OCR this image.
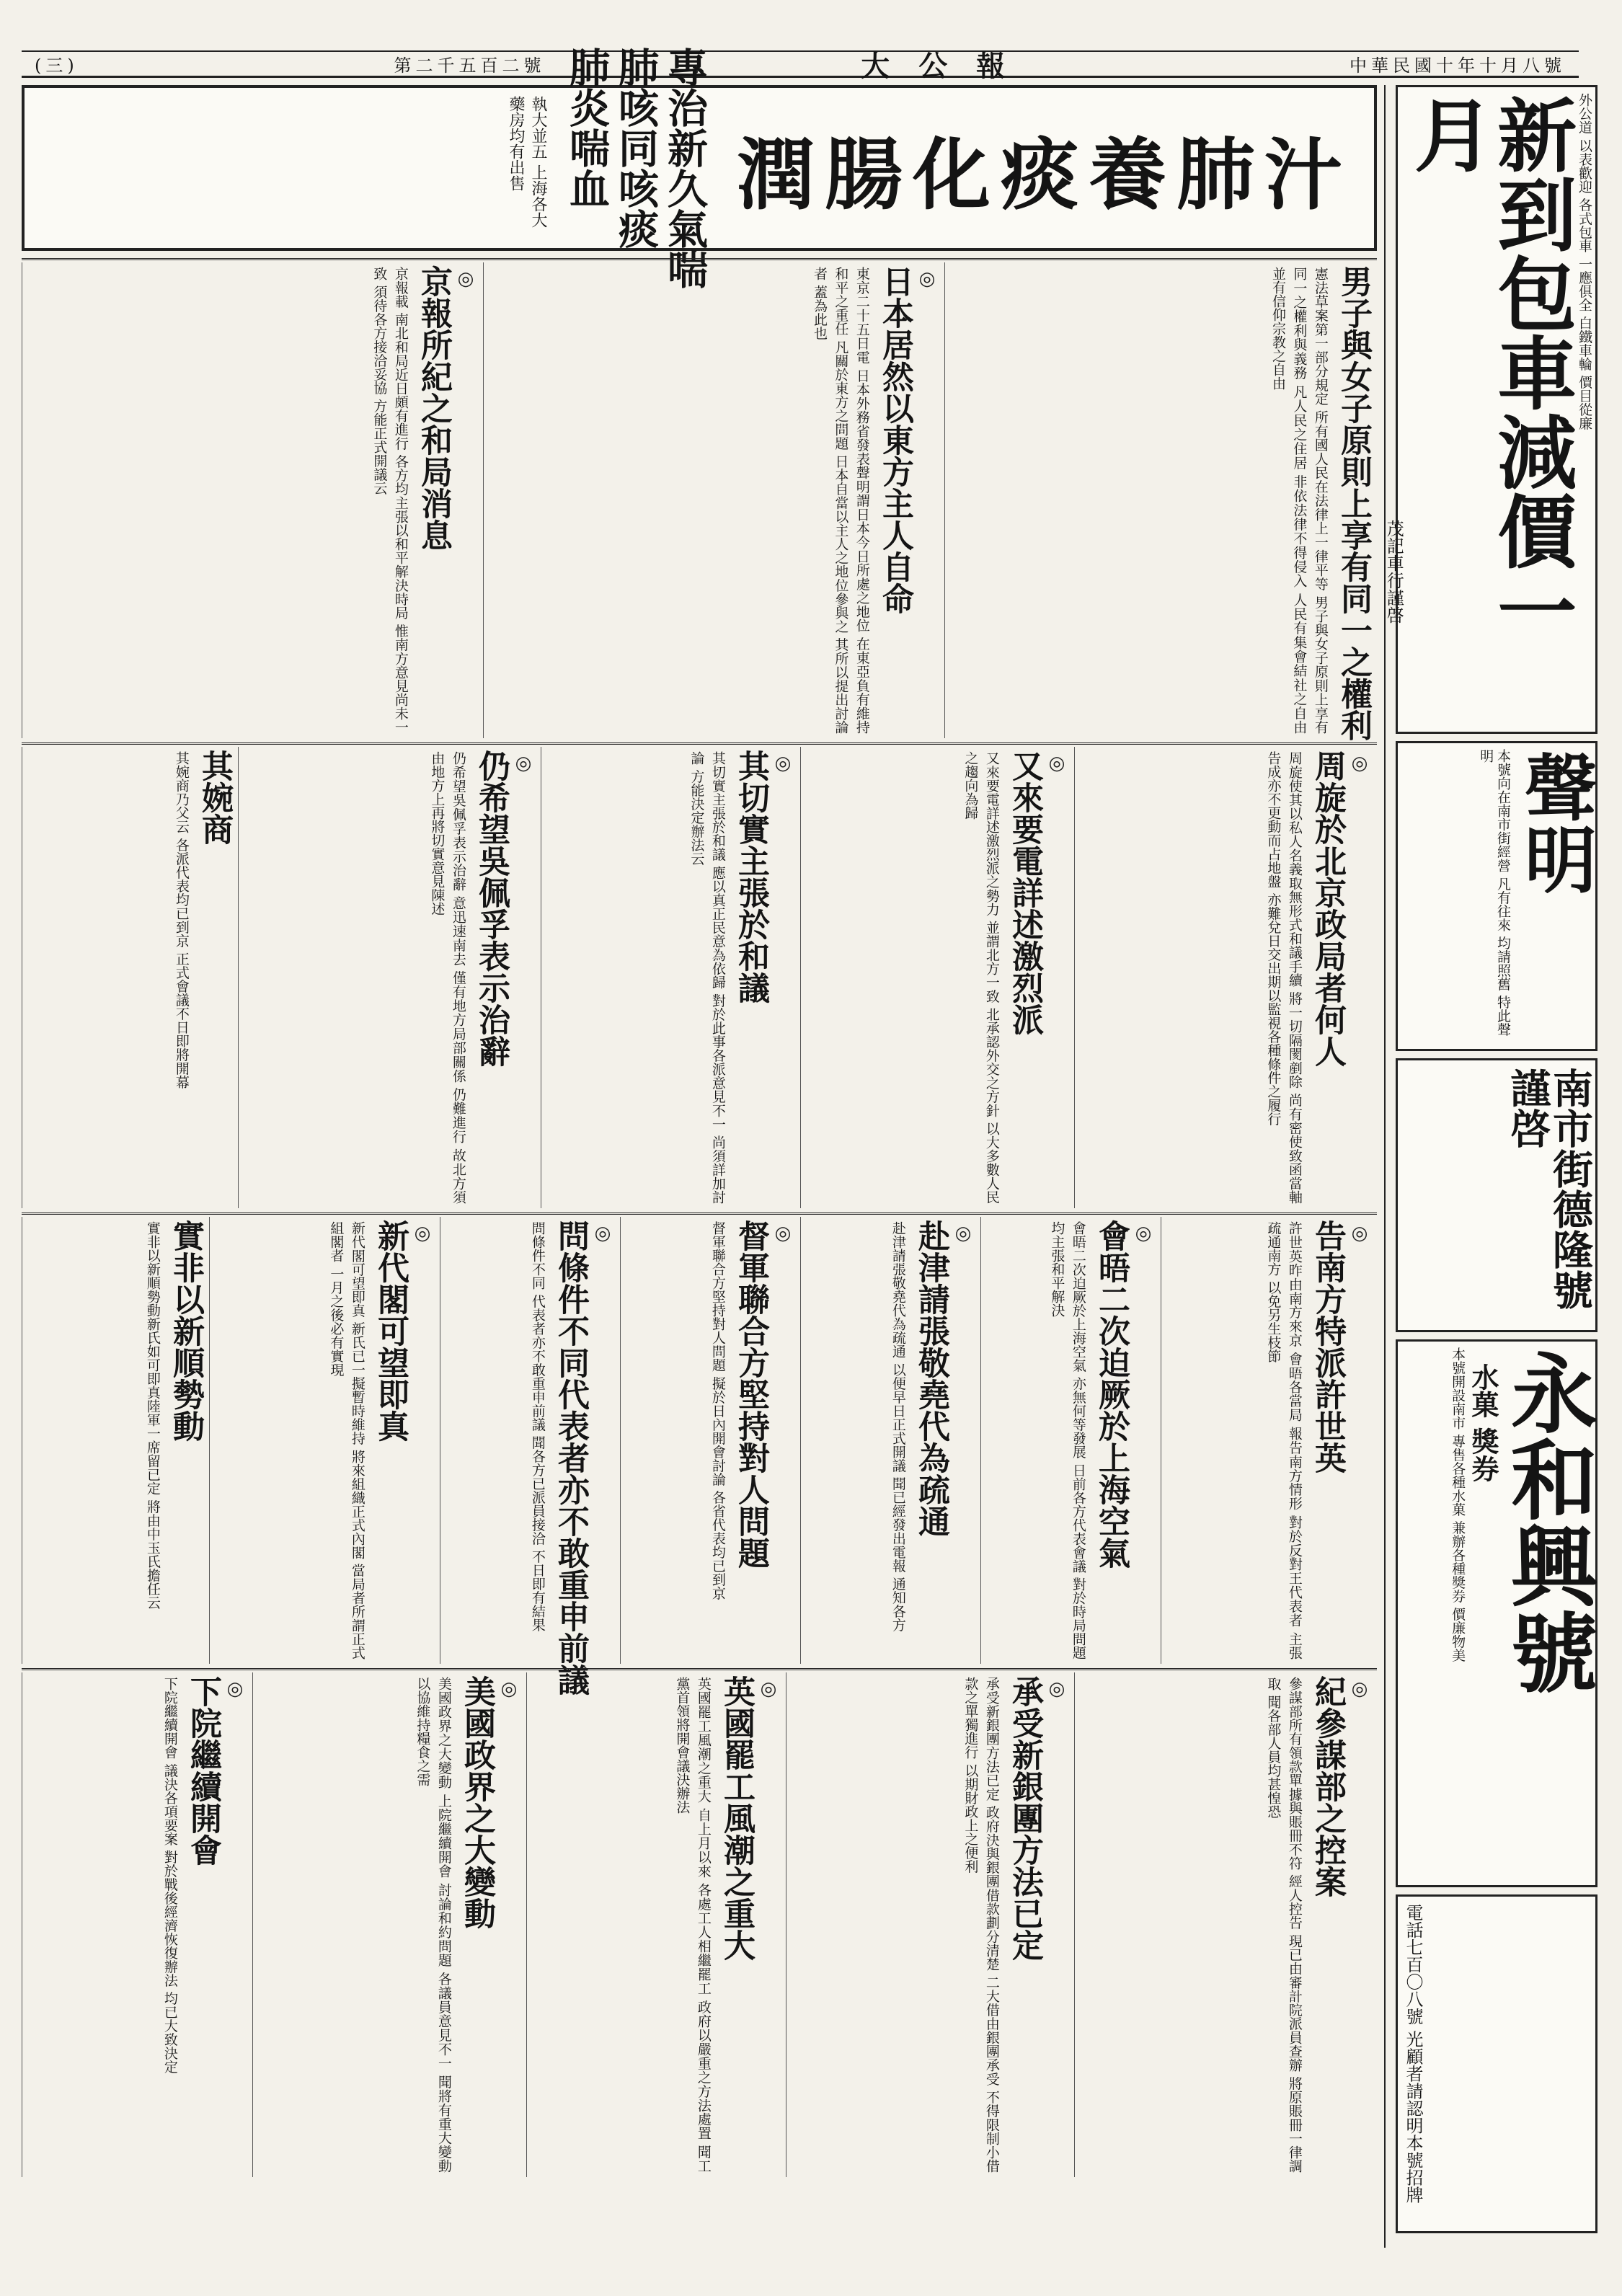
(三)	第二千五百二號	大公報	中華民國十年十月八號
潤腸化痰養肺汁
專治新久氣喘
肺咳同咳痰
肺炎喘血
執大並五 上海各大藥房均有出售	外公道 以表歡迎 各式包車 一應俱全 白鐵車輪 價目從廉
新到包車減價一月
茂記車行謹啓
聲明
本號向在南市街經營 凡有往來 均請照舊 特此聲明
南市街德隆號謹啓
永和興號
水菓 獎券
本號開設南市 專售各種水菓 兼辦各種獎券 價廉物美
電話七百〇八號 光顧者請認明本號招牌
男子與女子原則上享有同一之權利
憲法草案第一部分規定 所有國人民在法律上一律平等 男子與女子原則上享有同一之權利與義務 凡人民之住居 非依法律不得侵入 人民有集會結社之自由 並有信仰宗教之自由
◎
日本居然以東方主人自命
東京二十五日電 日本外務省發表聲明謂日本今日所處之地位 在東亞負有維持和平之重任 凡關於東方之問題 日本自當以主人之地位參與之 其所以提出討論者 蓋為此也
◎
京報所紀之和局消息
京報載 南北和局近日頗有進行 各方均主張以和平解決時局 惟南方意見尚未一致 須待各方接洽妥協 方能正式開議云
◎
周旋於北京政局者何人
周旋使其以私人名義取無形式和議手續 將一切隔閡剷除 尚有密使致函當軸 告成亦不更動而占地盤 亦難兌日交出期以監視各種條件之履行
◎
又來要電詳述激烈派
又來要電詳述激烈派之勢力 並謂北方一致 北承認外交之方針 以大多數人民之趨向為歸
◎
其切實主張於和議
其切實主張於和議 應以真正民意為依歸 對於此事各派意見不一 尚須詳加討論 方能決定辦法云
◎
仍希望吳佩孚表示治辭
仍希望吳佩孚表示治辭 意迅速南去 僅有地方局部關係 仍難進行 故北方須由地方上再將切實意見陳述
其婉商
其婉商乃父云 各派代表均已到京 正式會議不日即將開幕
◎
告南方特派許世英
許世英昨由南方來京 會晤各當局 報告南方情形 對於反對王代表者 主張疏通南方 以免另生枝節
◎
會晤二次迫厥於上海空氣
會晤二次迫厥於上海空氣 亦無何等發展 日前各方代表會議 對於時局問題 均主張和平解決
◎
赴津請張敬堯代為疏通
赴津請張敬堯代為疏通 以便早日正式開議 聞已經發出電報 通知各方
◎
督軍聯合方堅持對人問題
督軍聯合方堅持對人問題 擬於日內開會討論 各省代表均已到京
◎
問條件不同代表者亦不敢重申前議
問條件不同 代表者亦不敢重申前議 聞各方已派員接洽 不日即有結果
◎
新代閣可望即真
新代閣可望即真 新氏已一擬暫時維持 將來組織正式內閣 當局者所謂正式組閣者 一月之後必有實現
實非以新順勢動
實非以新順勢動新氏如可即真陸軍一席留已定 將由中玉氏擔任云
◎
紀參謀部之控案
參謀部所有領款單據與賬冊不符 經人控告 現已由審計院派員查辦 將原賬冊一律調取 聞各部人員均甚惶恐
◎
承受新銀團方法已定
承受新銀團方法已定 政府決與銀團借款劃分清楚 二大借由銀團承受 不得限制小借款之單獨進行 以期財政上之便利
◎
英國罷工風潮之重大
英國罷工風潮之重大 自上月以來 各處工人相繼罷工 政府以嚴重之方法處置 聞工黨首領將開會議決辦法
◎
美國政界之大變動
美國政界之大變動 上院繼續開會 討論和約問題 各議員意見不一 聞將有重大變動 以協維持糧食之需
◎
下院繼續開會
下院繼續開會 議決各項要案 對於戰後經濟恢復辦法 均已大致決定
